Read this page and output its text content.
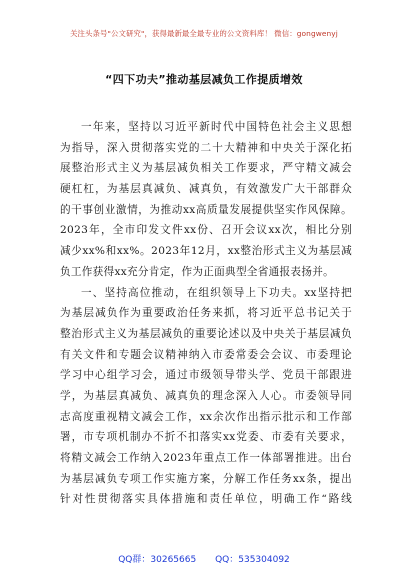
关注头条号"公文研究"，获得最新最全最专业的公文资料库！ 微信：gongwenyj
“四下功夫”推动基层减负工作提质增效
一年来，坚持以习近平新时代中国特色社会主义思想
为指导，深入贯彻落实党的二十大精神和中央关于深化拓
展整治形式主义为基层减负相关工作要求，严守精文减会
硬杠杠，为基层真减负、减真负，有效激发广大干部群众
的干事创业激情，为推动xx高质量发展提供坚实作风保障。
2023年，全市印发文件xx份、召开会议xx次，相比分别
减少xx%和xx%。2023年12月，xx整治形式主义为基层减
负工作获得xx充分肯定，作为正面典型全省通报表扬并。
一、坚持高位推动，在组织领导上下功夫。xx坚持把
为基层减负作为重要政治任务来抓，将习近平总书记关于
整治形式主义为基层减负的重要论述以及中央关于基层减负
有关文件和专题会议精神纳入市委常委会会议、市委理论
学习中心组学习会，通过市级领导带头学、党员干部跟进
学，为基层真减负、减真负的理念深入人心。市委领导同
志高度重视精文减会工作，xx余次作出指示批示和工作部
署，市专项机制办不折不扣落实xx党委、市委有关要求，
将精文减会工作纳入2023年重点工作一体部署推进。出台
为基层减负专项工作实施方案，分解工作任务xx条，提出
针对性贯彻落实具体措施和责任单位，明确工作“路线
QQ群：30265665 QQ：535304092
